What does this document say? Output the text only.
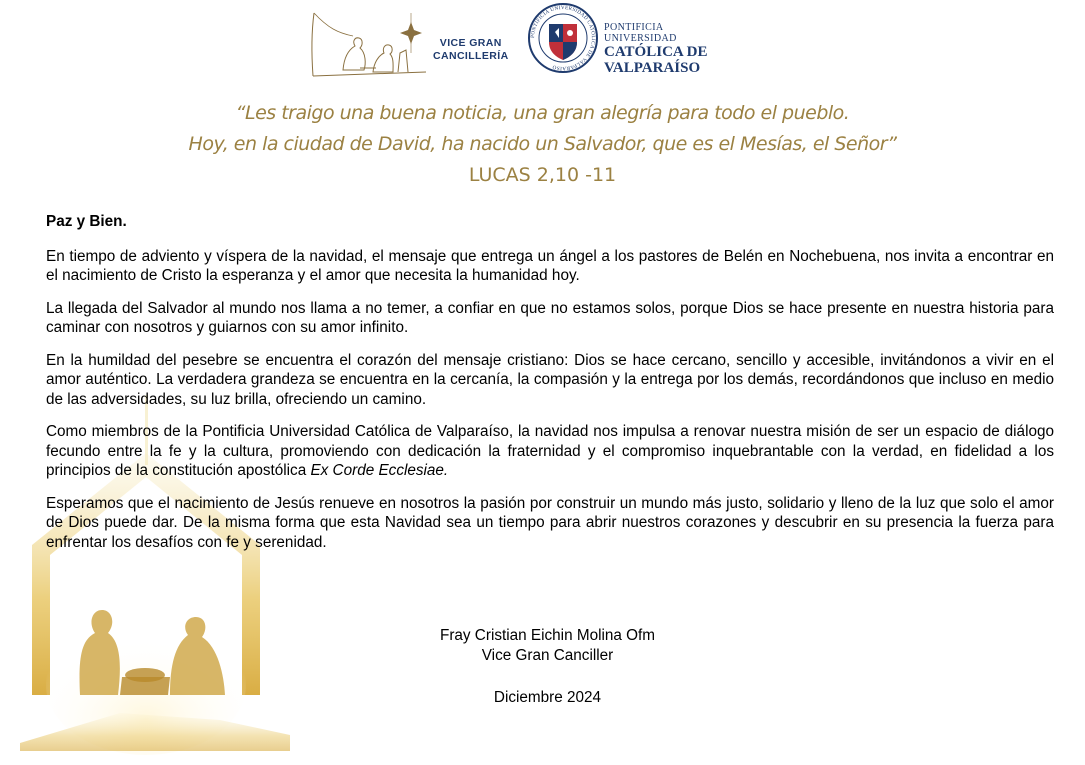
VICE GRAN
CANCILLERÍA
PONTIFICIA UNIVERSIDAD CATÓLICA DE VALPARAÍSO
PONTIFICIA
UNIVERSIDAD
CATÓLICA DE
VALPARAÍSO
“Les traigo una buena noticia, una gran alegría para todo el pueblo.
Hoy, en la ciudad de David, ha nacido un Salvador, que es el Mesías, el Señor”
LUCAS 2,10 -11

Paz y Bien.

En tiempo de adviento y víspera de la navidad, el mensaje que entrega un ángel a los pastores de Belén en Nochebuena, nos invita a encontrar en el nacimiento de Cristo la esperanza y el amor que necesita la humanidad hoy.

La llegada del Salvador al mundo nos llama a no temer, a confiar en que no estamos solos, porque Dios se hace presente en nuestra historia para caminar con nosotros y guiarnos con su amor infinito.

En la humildad del pesebre se encuentra el corazón del mensaje cristiano: Dios se hace cercano, sencillo y accesible, invitándonos a vivir en el amor auténtico. La verdadera grandeza se encuentra en la cercanía, la compasión y la entrega por los demás, recordándonos que incluso en medio de las adversidades, su luz brilla, ofreciendo un camino.

Como miembros de la Pontificia Universidad Católica de Valparaíso, la navidad nos impulsa a renovar nuestra misión de ser un espacio de diálogo fecundo entre la fe y la cultura, promoviendo con dedicación la fraternidad y el compromiso inquebrantable con la verdad, en fidelidad a los principios de la constitución apostólica Ex Corde Ecclesiae.

Esperamos que el nacimiento de Jesús renueve en nosotros la pasión por construir un mundo más justo, solidario y lleno de la luz que solo el amor de Dios puede dar. De la misma forma que esta Navidad sea un tiempo para abrir nuestros corazones y descubrir en su presencia la fuerza para enfrentar los desafíos con fe y serenidad.

Fray Cristian Eichin Molina Ofm
Vice Gran Canciller
Diciembre 2024
